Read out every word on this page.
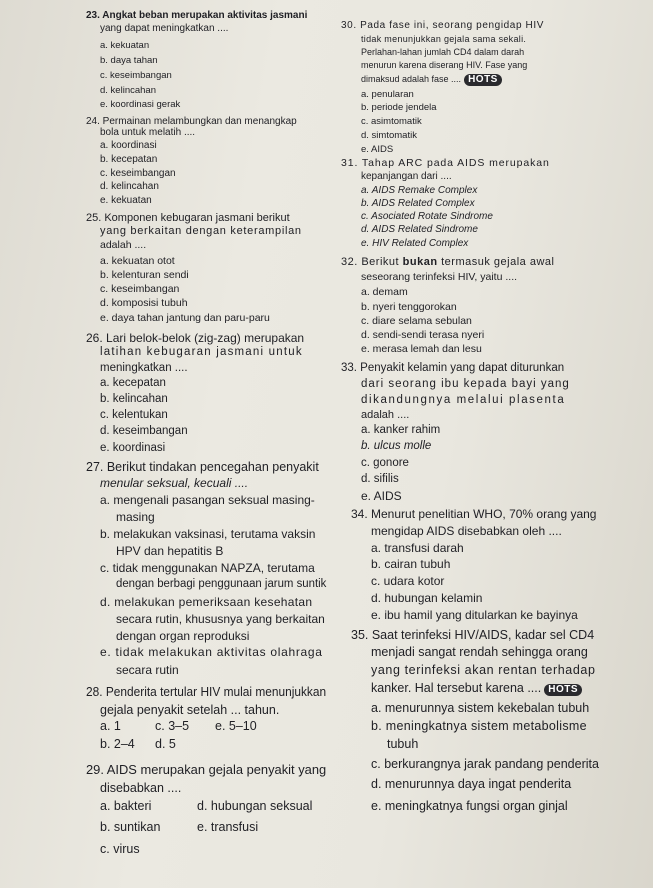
23. Angkat beban merupakan aktivitas jasmani
yang dapat meningkatkan ....
a. kekuatan
b. daya tahan
c. keseimbangan
d. kelincahan
e. koordinasi gerak
24. Permainan melambungkan dan menangkap
bola untuk melatih ....
a. koordinasi
b. kecepatan
c. keseimbangan
d. kelincahan
e. kekuatan
25. Komponen kebugaran jasmani berikut
yang berkaitan dengan keterampilan
adalah ....
a. kekuatan otot
b. kelenturan sendi
c. keseimbangan
d. komposisi tubuh
e. daya tahan jantung dan paru-paru
26. Lari belok-belok (zig-zag) merupakan
latihan kebugaran jasmani untuk
meningkatkan ....
a. kecepatan
b. kelincahan
c. kelentukan
d. keseimbangan
e. koordinasi
27. Berikut tindakan pencegahan penyakit
menular seksual, kecuali ....
a. mengenali pasangan seksual masing-
masing
b. melakukan vaksinasi, terutama vaksin
HPV dan hepatitis B
c. tidak menggunakan NAPZA, terutama
dengan berbagi penggunaan jarum suntik
d. melakukan pemeriksaan kesehatan
secara rutin, khususnya yang berkaitan
dengan organ reproduksi
e. tidak melakukan aktivitas olahraga
secara rutin
28. Penderita tertular HIV mulai menunjukkan
gejala penyakit setelah ... tahun.
a. 1	c. 3–5 e. 5–10
b. 2–4 d. 5
29. AIDS merupakan gejala penyakit yang
disebabkan ....
a. bakteri	d. hubungan seksual
b. suntikan	e. transfusi
c. virus
30. Pada fase ini, seorang pengidap HIV
tidak menunjukkan gejala sama sekali.
Perlahan-lahan jumlah CD4 dalam darah
menurun karena diserang HIV. Fase yang
dimaksud adalah fase .... HOTS
a. penularan
b. periode jendela
c. asimtomatik
d. simtomatik
e. AIDS
31. Tahap ARC pada AIDS merupakan
kepanjangan dari ....
a. AIDS Remake Complex
b. AIDS Related Complex
c. Asociated Rotate Sindrome
d. AIDS Related Sindrome
e. HIV Related Complex
32. Berikut bukan termasuk gejala awal
seseorang terinfeksi HIV, yaitu ....
a. demam
b. nyeri tenggorokan
c. diare selama sebulan
d. sendi-sendi terasa nyeri
e. merasa lemah dan lesu
33. Penyakit kelamin yang dapat diturunkan
dari seorang ibu kepada bayi yang
dikandungnya melalui plasenta
adalah ....
a. kanker rahim
b. ulcus molle
c. gonore
d. sifilis
e. AIDS
34. Menurut penelitian WHO, 70% orang yang
mengidap AIDS disebabkan oleh ....
a. transfusi darah
b. cairan tubuh
c. udara kotor
d. hubungan kelamin
e. ibu hamil yang ditularkan ke bayinya
35. Saat terinfeksi HIV/AIDS, kadar sel CD4
menjadi sangat rendah sehingga orang
yang terinfeksi akan rentan terhadap
kanker. Hal tersebut karena .... HOTS
a. menurunnya sistem kekebalan tubuh
b. meningkatnya sistem metabolisme
tubuh
c. berkurangnya jarak pandang penderita
d. menurunnya daya ingat penderita
e. meningkatnya fungsi organ ginjal
